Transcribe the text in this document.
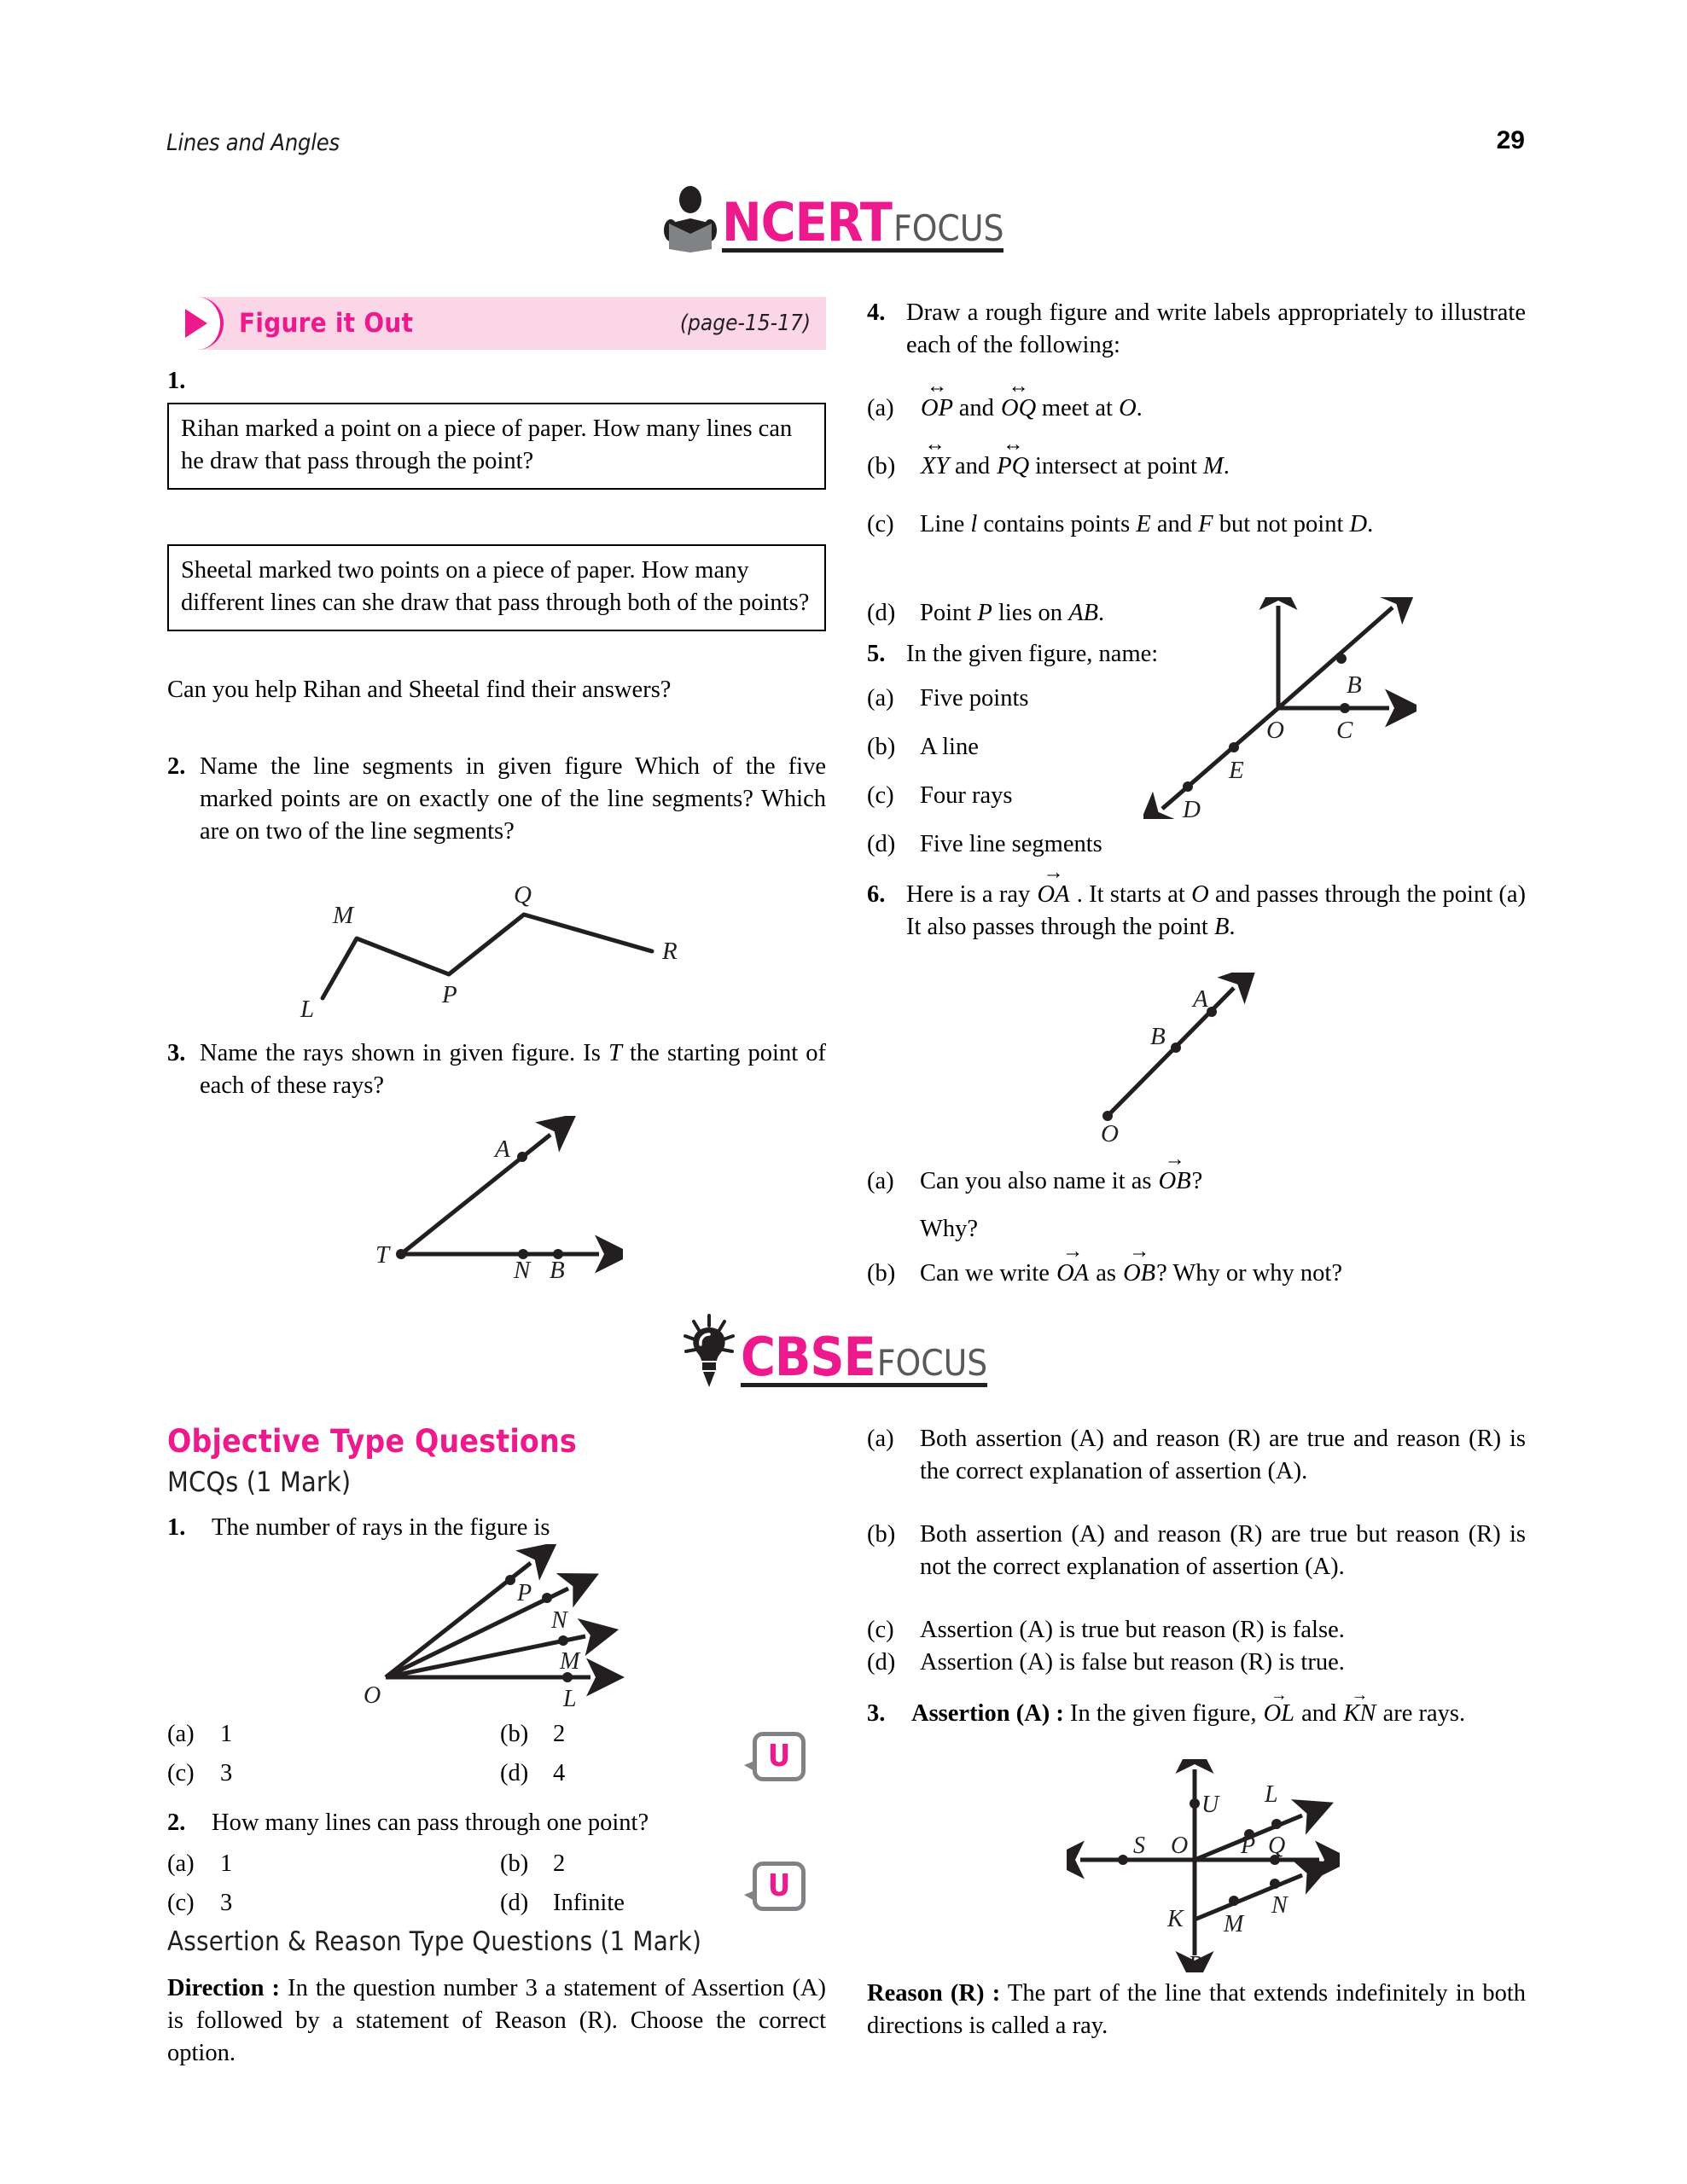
Lines and Angles	29
NCERT FOCUS
Figure it Out	(page-15-17)
1.
Rihan marked a point on a piece of paper. How many lines can he draw that pass through the point?
Sheetal marked two points on a piece of paper. How many different lines can she draw that pass through both of the points?
Can you help Rihan and Sheetal find their answers?
2. Name the line segments in given figure Which of the five marked points are on exactly one of the line segments? Which are on two of the line segments?
L
M
P
Q
R
3. Name the rays shown in given figure. Is T the starting point of each of these rays?
T
A
N B
4. Draw a rough figure and write labels appropriately to illustrate each of the following:
(a)
↔
OP and
↔
OQ meet at O.
(b)
↔
XY and
↔
PQ intersect at point M.
(c)	Line l contains points E and F but not point D.
(d)	Point P lies on AB.
5. In the given figure, name:
(a)	Five points
(b)	A line
(c)	Four rays
(d)	Five line segments
B
O C
E
D
6. Here is a ray
→
OA . It starts at O and passes through the point (a) It also passes through the point B.
O
B
A
(a)	Can you also name it as
→
OB?
Why?
(b)	Can we write
→
OA as
→
OB? Why or why not?
CBSE FOCUS
Objective Type Questions
MCQs (1 Mark)
1.	The number of rays in the figure is
P
N
M
L
O
(a)	1	(b)	2
(c)	3	(d)	4	U
2.	How many lines can pass through one point?
(a)	1	(b)	2
(c)	3	(d)	Infinite	U
Assertion & Reason Type Questions (1 Mark)
Direction : In the question number 3 a statement of Assertion (A) is followed by a statement of Reason (R). Choose the correct option.
(a)	Both assertion (A) and reason (R) are true and reason (R) is the correct explanation of assertion (A).
(b)	Both assertion (A) and reason (R) are true but reason (R) is not the correct explanation of assertion (A).
(c)	Assertion (A) is true but reason (R) is false.
(d)	Assertion (A) is false but reason (R) is true.
3.	Assertion (A) : In the given figure,
→
OL and
→
KN are rays.
U L
S O P Q
N
K M
R
Reason (R) : The part of the line that extends indefinitely in both directions is called a ray.
